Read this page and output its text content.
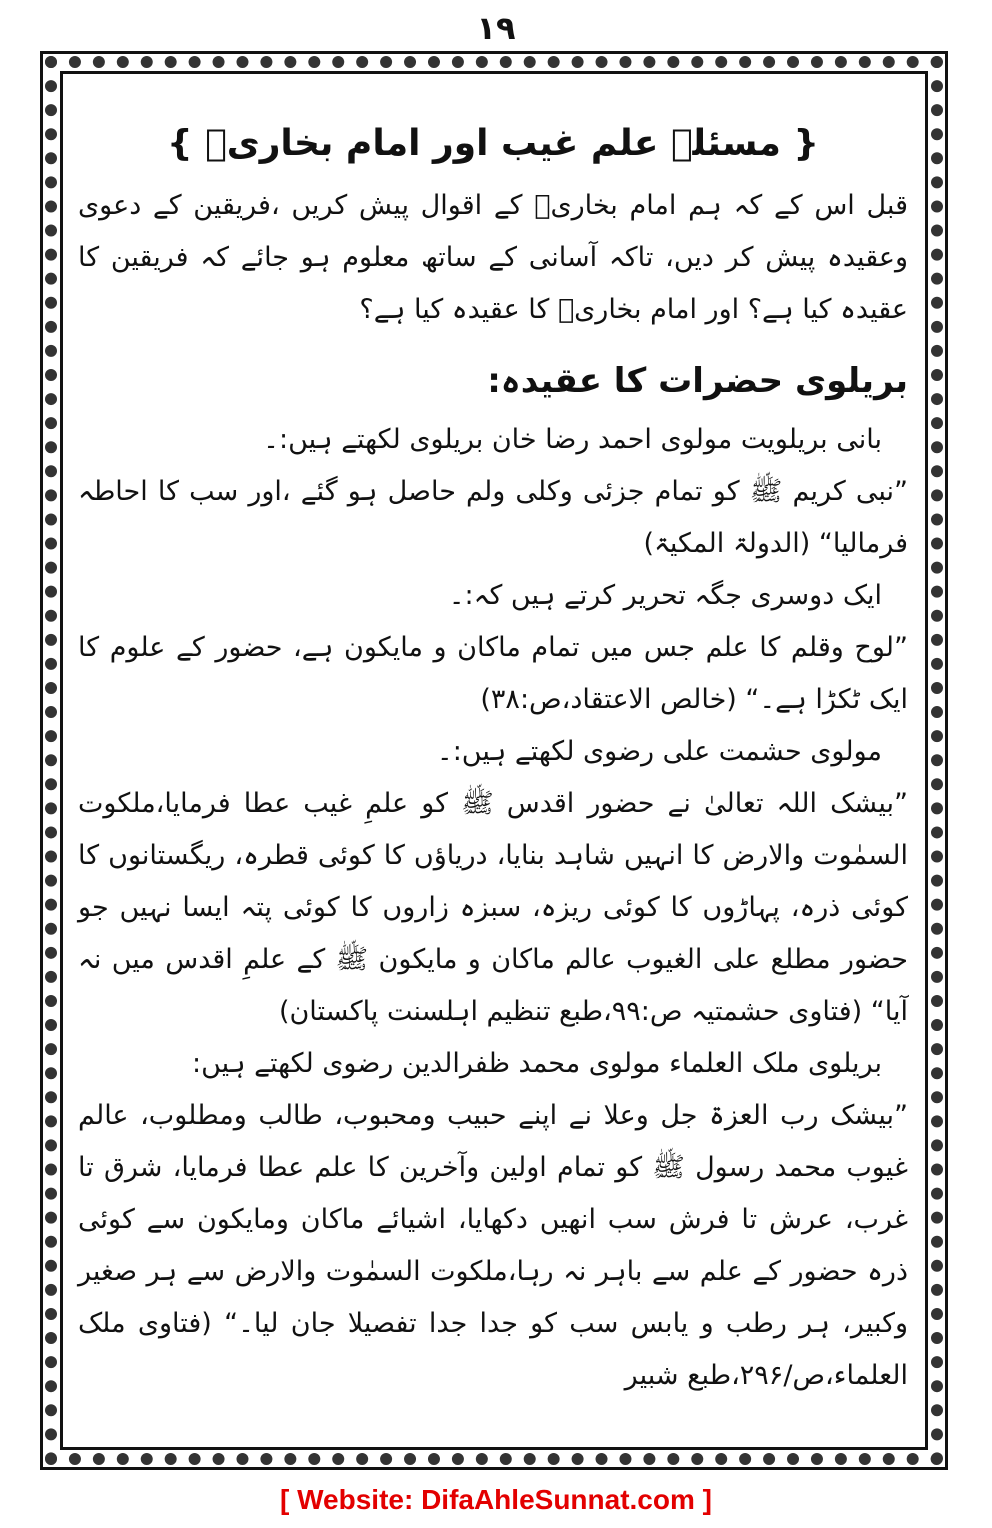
١٩
{ مسئلہ علم غیب اور امام بخاریؒ }

قبل اس کے کہ ہم امام بخاریؒ کے اقوال پیش کریں ،فریقین کے دعوی وعقیدہ پیش کر دیں، تاکہ آسانی کے ساتھ معلوم ہو جائے کہ فریقین کا عقیدہ کیا ہے؟ اور امام بخاریؒ کا عقیدہ کیا ہے؟

بریلوی حضرات کا عقیدہ:

بانی بریلویت مولوی احمد رضا خان بریلوی لکھتے ہیں:۔

”نبی کریم ﷺ کو تمام جزئی وکلی ولم حاصل ہو گئے ،اور سب کا احاطہ فرمالیا“ (الدولۃ المکیۃ)

ایک دوسری جگہ تحریر کرتے ہیں کہ:۔

”لوح وقلم کا علم جس میں تمام ماکان و مایکون ہے، حضور کے علوم کا ایک ٹکڑا ہے۔“ (خالص الاعتقاد،ص:۳۸)

مولوی حشمت علی رضوی لکھتے ہیں:۔

”بیشک اللہ تعالیٰ نے حضور اقدس ﷺ کو علمِ غیب عطا فرمایا،ملکوت السمٰوت والارض کا انہیں شاہد بنایا، دریاؤں کا کوئی قطرہ، ریگستانوں کا کوئی ذرہ، پہاڑوں کا کوئی ریزہ، سبزہ زاروں کا کوئی پتہ ایسا نہیں جو حضور مطلع علی الغیوب عالم ماکان و مایکون ﷺ کے علمِ اقدس میں نہ آیا“ (فتاوی حشمتیہ ص:۹۹،طبع تنظیم اہلسنت پاکستان)

بریلوی ملک العلماء مولوی محمد ظفرالدین رضوی لکھتے ہیں:

”بیشک رب العزۃ جل وعلا نے اپنے حبیب ومحبوب، طالب ومطلوب، عالم غیوب محمد رسول ﷺ کو تمام اولین وآخرین کا علم عطا فرمایا، شرق تا غرب، عرش تا فرش سب انھیں دکھایا، اشیائے ماکان ومایکون سے کوئی ذرہ حضور کے علم سے باہر نہ رہا،ملکوت السمٰوت والارض سے ہر صغیر وکبیر، ہر رطب و یابس سب کو جدا جدا تفصیلا جان لیا۔“ (فتاوی ملک العلماء،ص/۲۹۶،طبع شبیر

[ Website: DifaAhleSunnat.com ]
